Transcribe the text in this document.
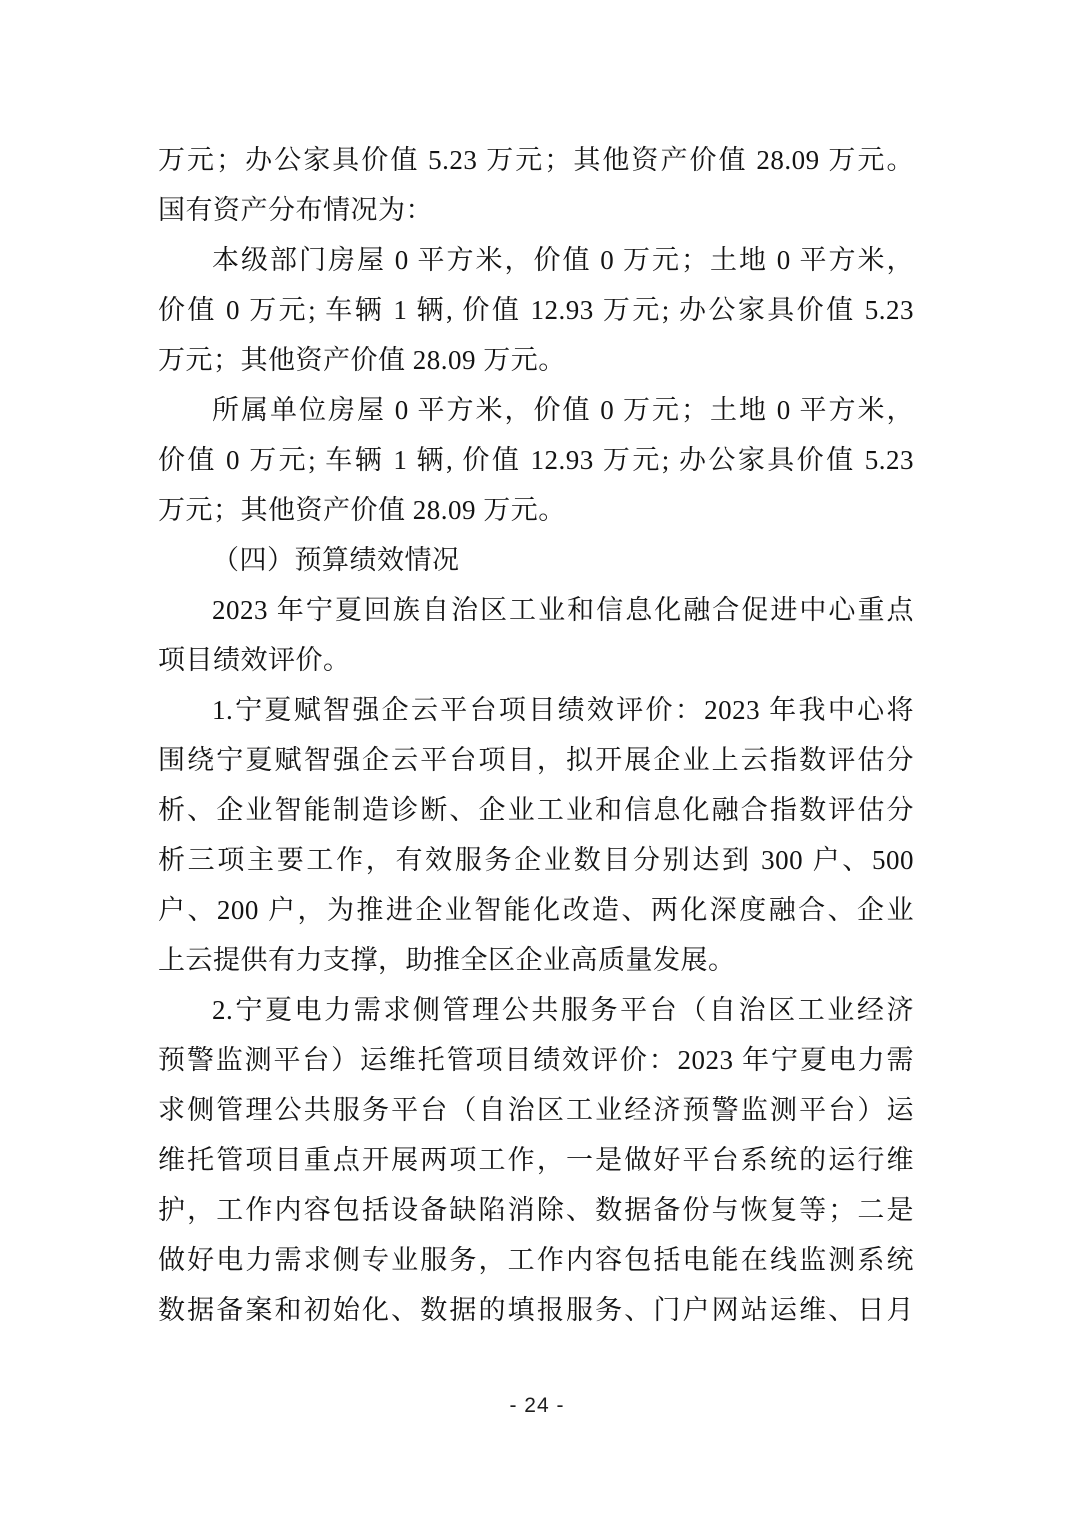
万元；办公家具价值 5.23 万元；其他资产价值 28.09 万元。

国有资产分布情况为：

本级部门房屋 0 平方米，价值 0 万元；土地 0 平方米，

价值 0 万元; 车辆 1 辆, 价值 12.93 万元; 办公家具价值 5.23

万元；其他资产价值 28.09 万元。

所属单位房屋 0 平方米，价值 0 万元；土地 0 平方米，

价值 0 万元; 车辆 1 辆, 价值 12.93 万元; 办公家具价值 5.23

万元；其他资产价值 28.09 万元。

（四）预算绩效情况

2023 年宁夏回族自治区工业和信息化融合促进中心重点

项目绩效评价。

1.宁夏赋智强企云平台项目绩效评价：2023 年我中心将

围绕宁夏赋智强企云平台项目，拟开展企业上云指数评估分

析、企业智能制造诊断、企业工业和信息化融合指数评估分

析三项主要工作，有效服务企业数目分别达到 300 户、500

户、200 户，为推进企业智能化改造、两化深度融合、企业

上云提供有力支撑，助推全区企业高质量发展。

2.宁夏电力需求侧管理公共服务平台（自治区工业经济

预警监测平台）运维托管项目绩效评价：2023 年宁夏电力需

求侧管理公共服务平台（自治区工业经济预警监测平台）运

维托管项目重点开展两项工作，一是做好平台系统的运行维

护，工作内容包括设备缺陷消除、数据备份与恢复等；二是

做好电力需求侧专业服务，工作内容包括电能在线监测系统

数据备案和初始化、数据的填报服务、门户网站运维、日月

- 24 -
